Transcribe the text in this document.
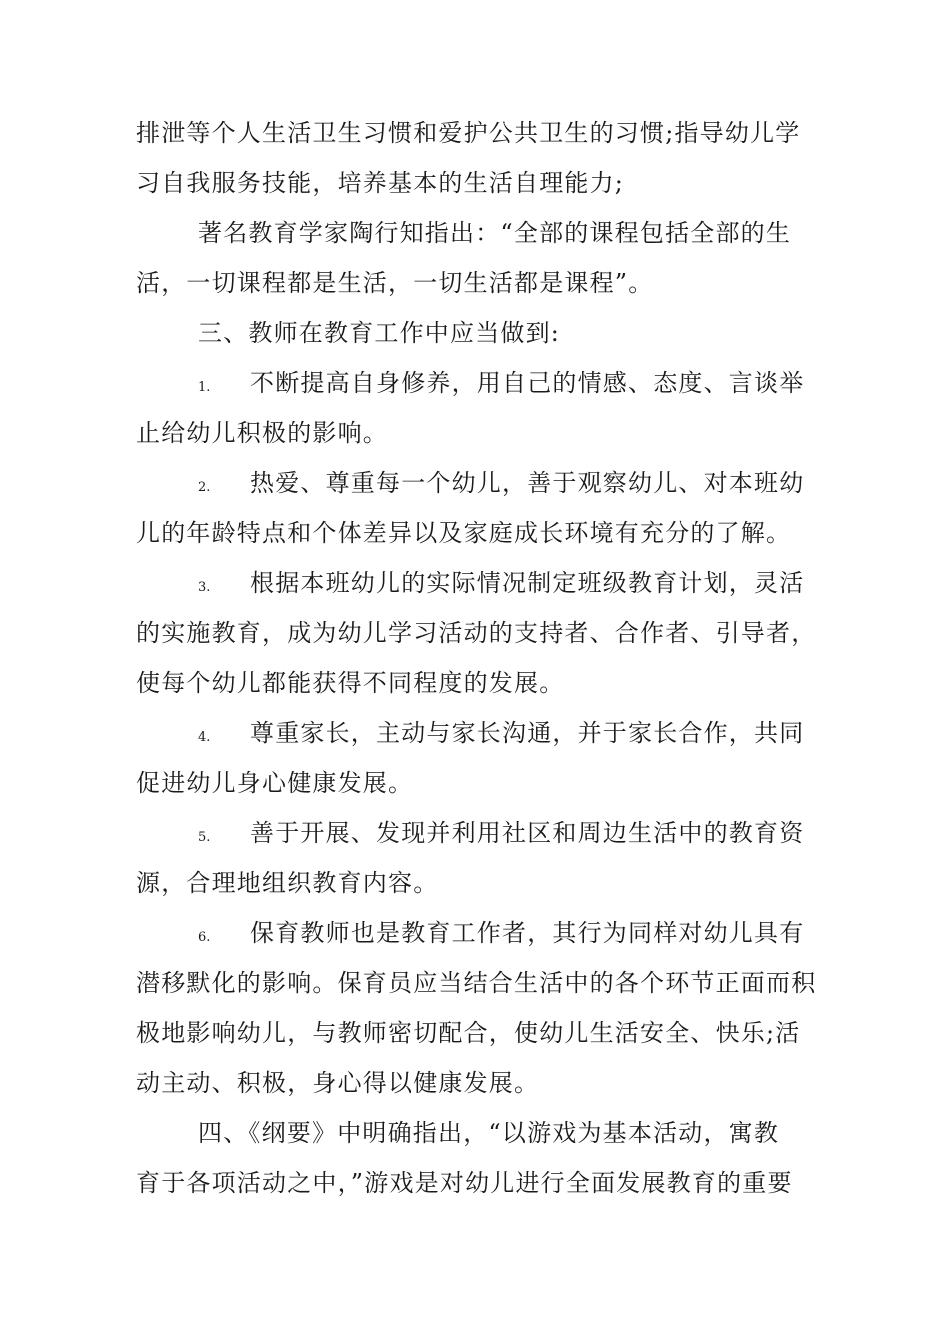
排泄等个人生活卫生习惯和爱护公共卫生的习惯;指导幼儿学
习自我服务技能，培养基本的生活自理能力;
著名教育学家陶行知指出：“全部的课程包括全部的生
活，一切课程都是生活，一切生活都是课程”。
三、教师在教育工作中应当做到:
1. 不断提高自身修养，用自己的情感、态度、言谈举
止给幼儿积极的影响。
2. 热爱、尊重每一个幼儿，善于观察幼儿、对本班幼
儿的年龄特点和个体差异以及家庭成长环境有充分的了解。
3. 根据本班幼儿的实际情况制定班级教育计划，灵活
的实施教育，成为幼儿学习活动的支持者、合作者、引导者，
使每个幼儿都能获得不同程度的发展。
4. 尊重家长，主动与家长沟通，并于家长合作，共同
促进幼儿身心健康发展。
5. 善于开展、发现并利用社区和周边生活中的教育资
源，合理地组织教育内容。
6. 保育教师也是教育工作者，其行为同样对幼儿具有
潜移默化的影响。保育员应当结合生活中的各个环节正面而积
极地影响幼儿，与教师密切配合，使幼儿生活安全、快乐;活
动主动、积极，身心得以健康发展。
四、《纲要》中明确指出，“以游戏为基本活动，寓教
育于各项活动之中，”游戏是对幼儿进行全面发展教育的重要
